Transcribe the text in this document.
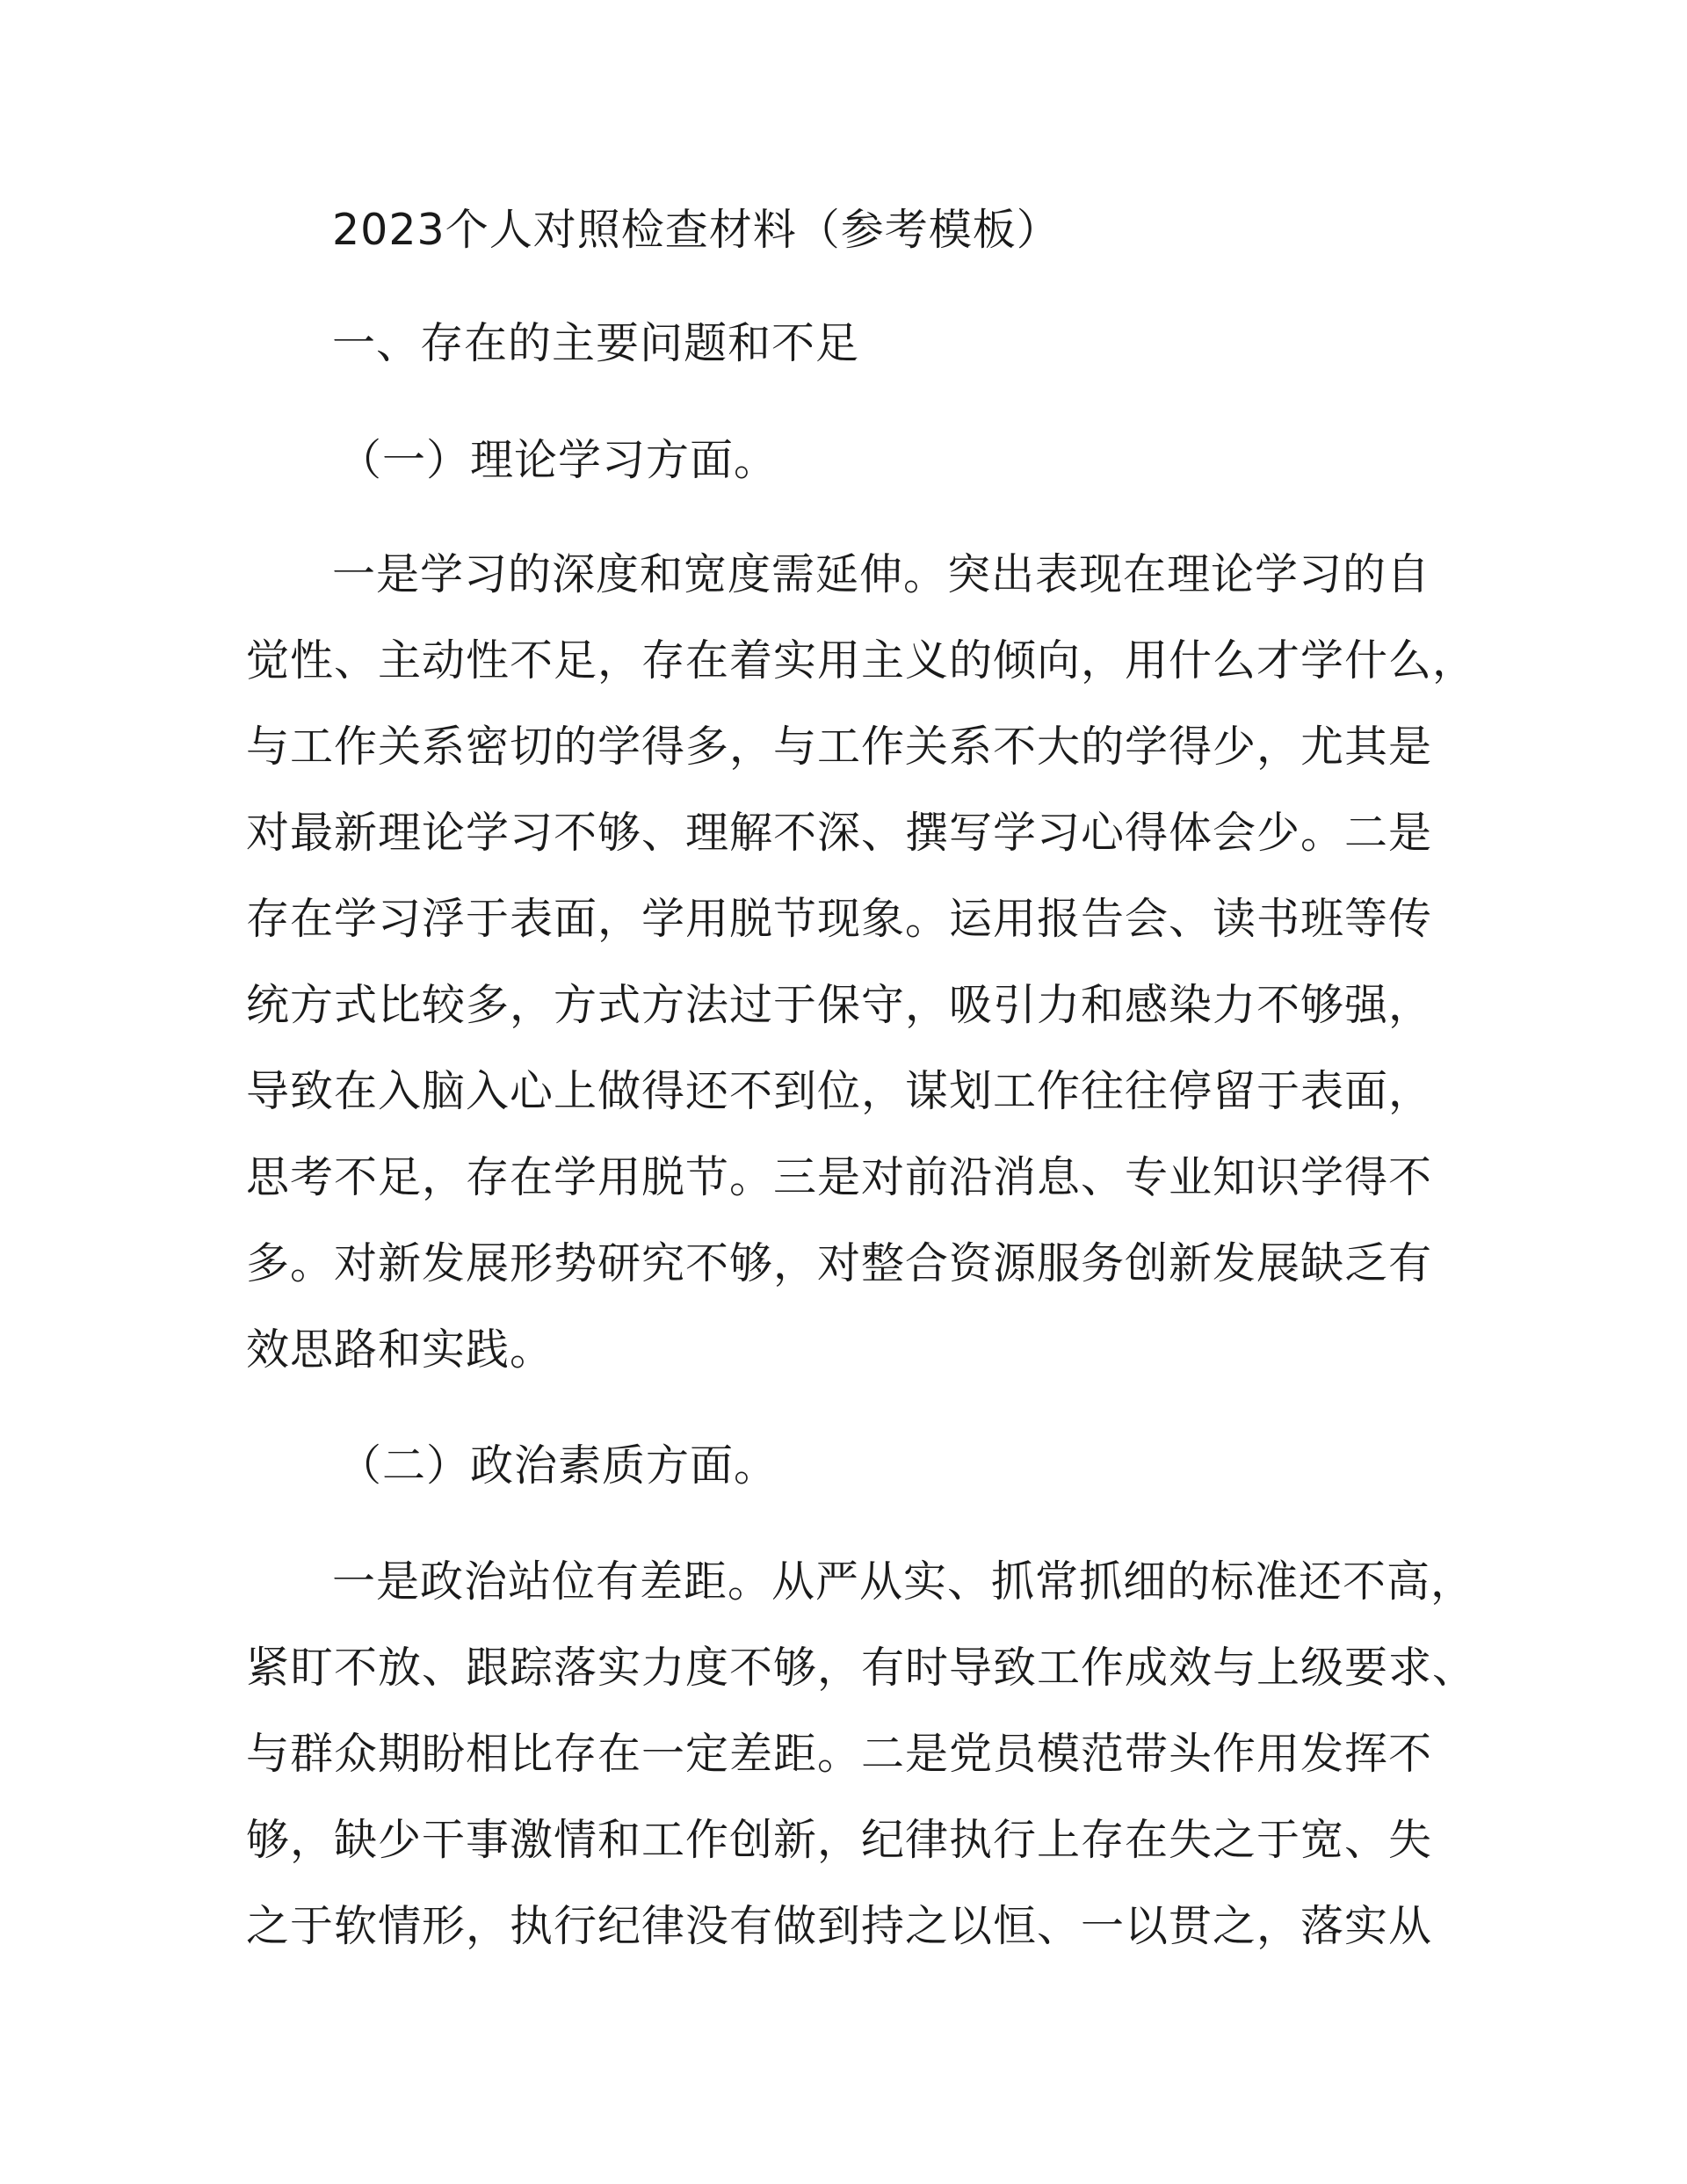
2023个人对照检查材料（参考模板）
一、存在的主要问题和不足
（一）理论学习方面。
一是学习的深度和宽度需延伸。突出表现在理论学习的自
觉性、主动性不足，存在着实用主义的倾向，用什么才学什么，
与工作关系密切的学得多，与工作关系不大的学得少，尤其是
对最新理论学习不够、理解不深、撰写学习心得体会少。二是
存在学习浮于表面，学用脱节现象。运用报告会、读书班等传
统方式比较多，方式方法过于保守，吸引力和感染力不够强，
导致在入脑入心上做得还不到位，谋划工作往往停留于表面，
思考不足，存在学用脱节。三是对前沿消息、专业知识学得不
多。对新发展形势研究不够，对整合资源服务创新发展缺乏有
效思路和实践。
（二）政治素质方面。
一是政治站位有差距。从严从实、抓常抓细的标准还不高，
紧盯不放、跟踪落实力度不够，有时导致工作成效与上级要求、
与群众期盼相比存在一定差距。二是党员模范带头作用发挥不
够，缺少干事激情和工作创新，纪律执行上存在失之于宽、失
之于软情形，执行纪律没有做到持之以恒、一以贯之，落实从
